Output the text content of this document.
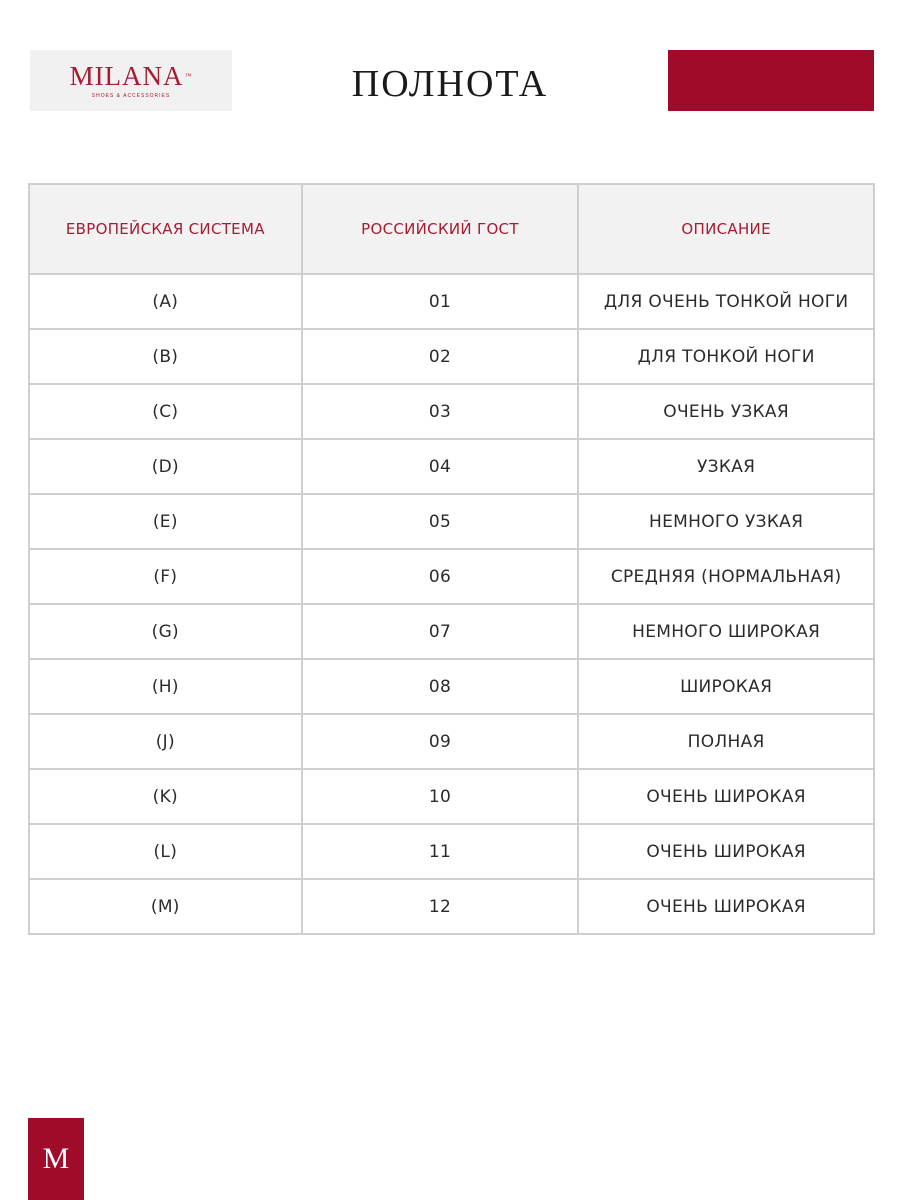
MILANA™
SHOES & ACCESSORIES	ПОЛНОТА
ЕВРОПЕЙСКАЯ СИСТЕМА	РОССИЙСКИЙ ГОСТ	ОПИСАНИЕ
(A)	01	ДЛЯ ОЧЕНЬ ТОНКОЙ НОГИ
(B)	02	ДЛЯ ТОНКОЙ НОГИ
(C)	03	ОЧЕНЬ УЗКАЯ
(D)	04	УЗКАЯ
(E)	05	НЕМНОГО УЗКАЯ
(F)	06	СРЕДНЯЯ (НОРМАЛЬНАЯ)
(G)	07	НЕМНОГО ШИРОКАЯ
(H)	08	ШИРОКАЯ
(J)	09	ПОЛНАЯ
(K)	10	ОЧЕНЬ ШИРОКАЯ
(L)	11	ОЧЕНЬ ШИРОКАЯ
(M)	12	ОЧЕНЬ ШИРОКАЯ
M
